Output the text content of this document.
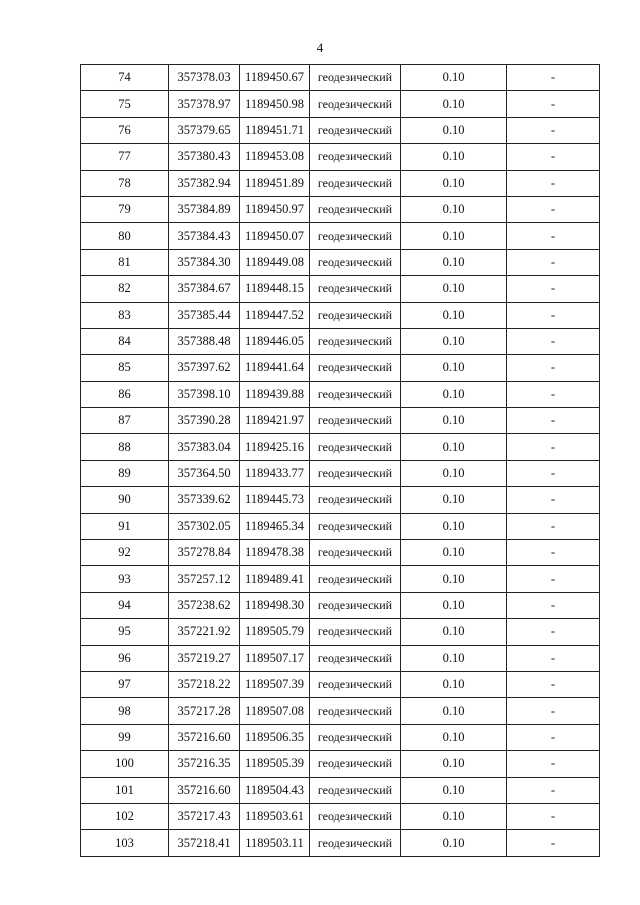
4
74	357378.03	1189450.67	геодезический	0.10	-
75	357378.97	1189450.98	геодезический	0.10	-
76	357379.65	1189451.71	геодезический	0.10	-
77	357380.43	1189453.08	геодезический	0.10	-
78	357382.94	1189451.89	геодезический	0.10	-
79	357384.89	1189450.97	геодезический	0.10	-
80	357384.43	1189450.07	геодезический	0.10	-
81	357384.30	1189449.08	геодезический	0.10	-
82	357384.67	1189448.15	геодезический	0.10	-
83	357385.44	1189447.52	геодезический	0.10	-
84	357388.48	1189446.05	геодезический	0.10	-
85	357397.62	1189441.64	геодезический	0.10	-
86	357398.10	1189439.88	геодезический	0.10	-
87	357390.28	1189421.97	геодезический	0.10	-
88	357383.04	1189425.16	геодезический	0.10	-
89	357364.50	1189433.77	геодезический	0.10	-
90	357339.62	1189445.73	геодезический	0.10	-
91	357302.05	1189465.34	геодезический	0.10	-
92	357278.84	1189478.38	геодезический	0.10	-
93	357257.12	1189489.41	геодезический	0.10	-
94	357238.62	1189498.30	геодезический	0.10	-
95	357221.92	1189505.79	геодезический	0.10	-
96	357219.27	1189507.17	геодезический	0.10	-
97	357218.22	1189507.39	геодезический	0.10	-
98	357217.28	1189507.08	геодезический	0.10	-
99	357216.60	1189506.35	геодезический	0.10	-
100	357216.35	1189505.39	геодезический	0.10	-
101	357216.60	1189504.43	геодезический	0.10	-
102	357217.43	1189503.61	геодезический	0.10	-
103	357218.41	1189503.11	геодезический	0.10	-
